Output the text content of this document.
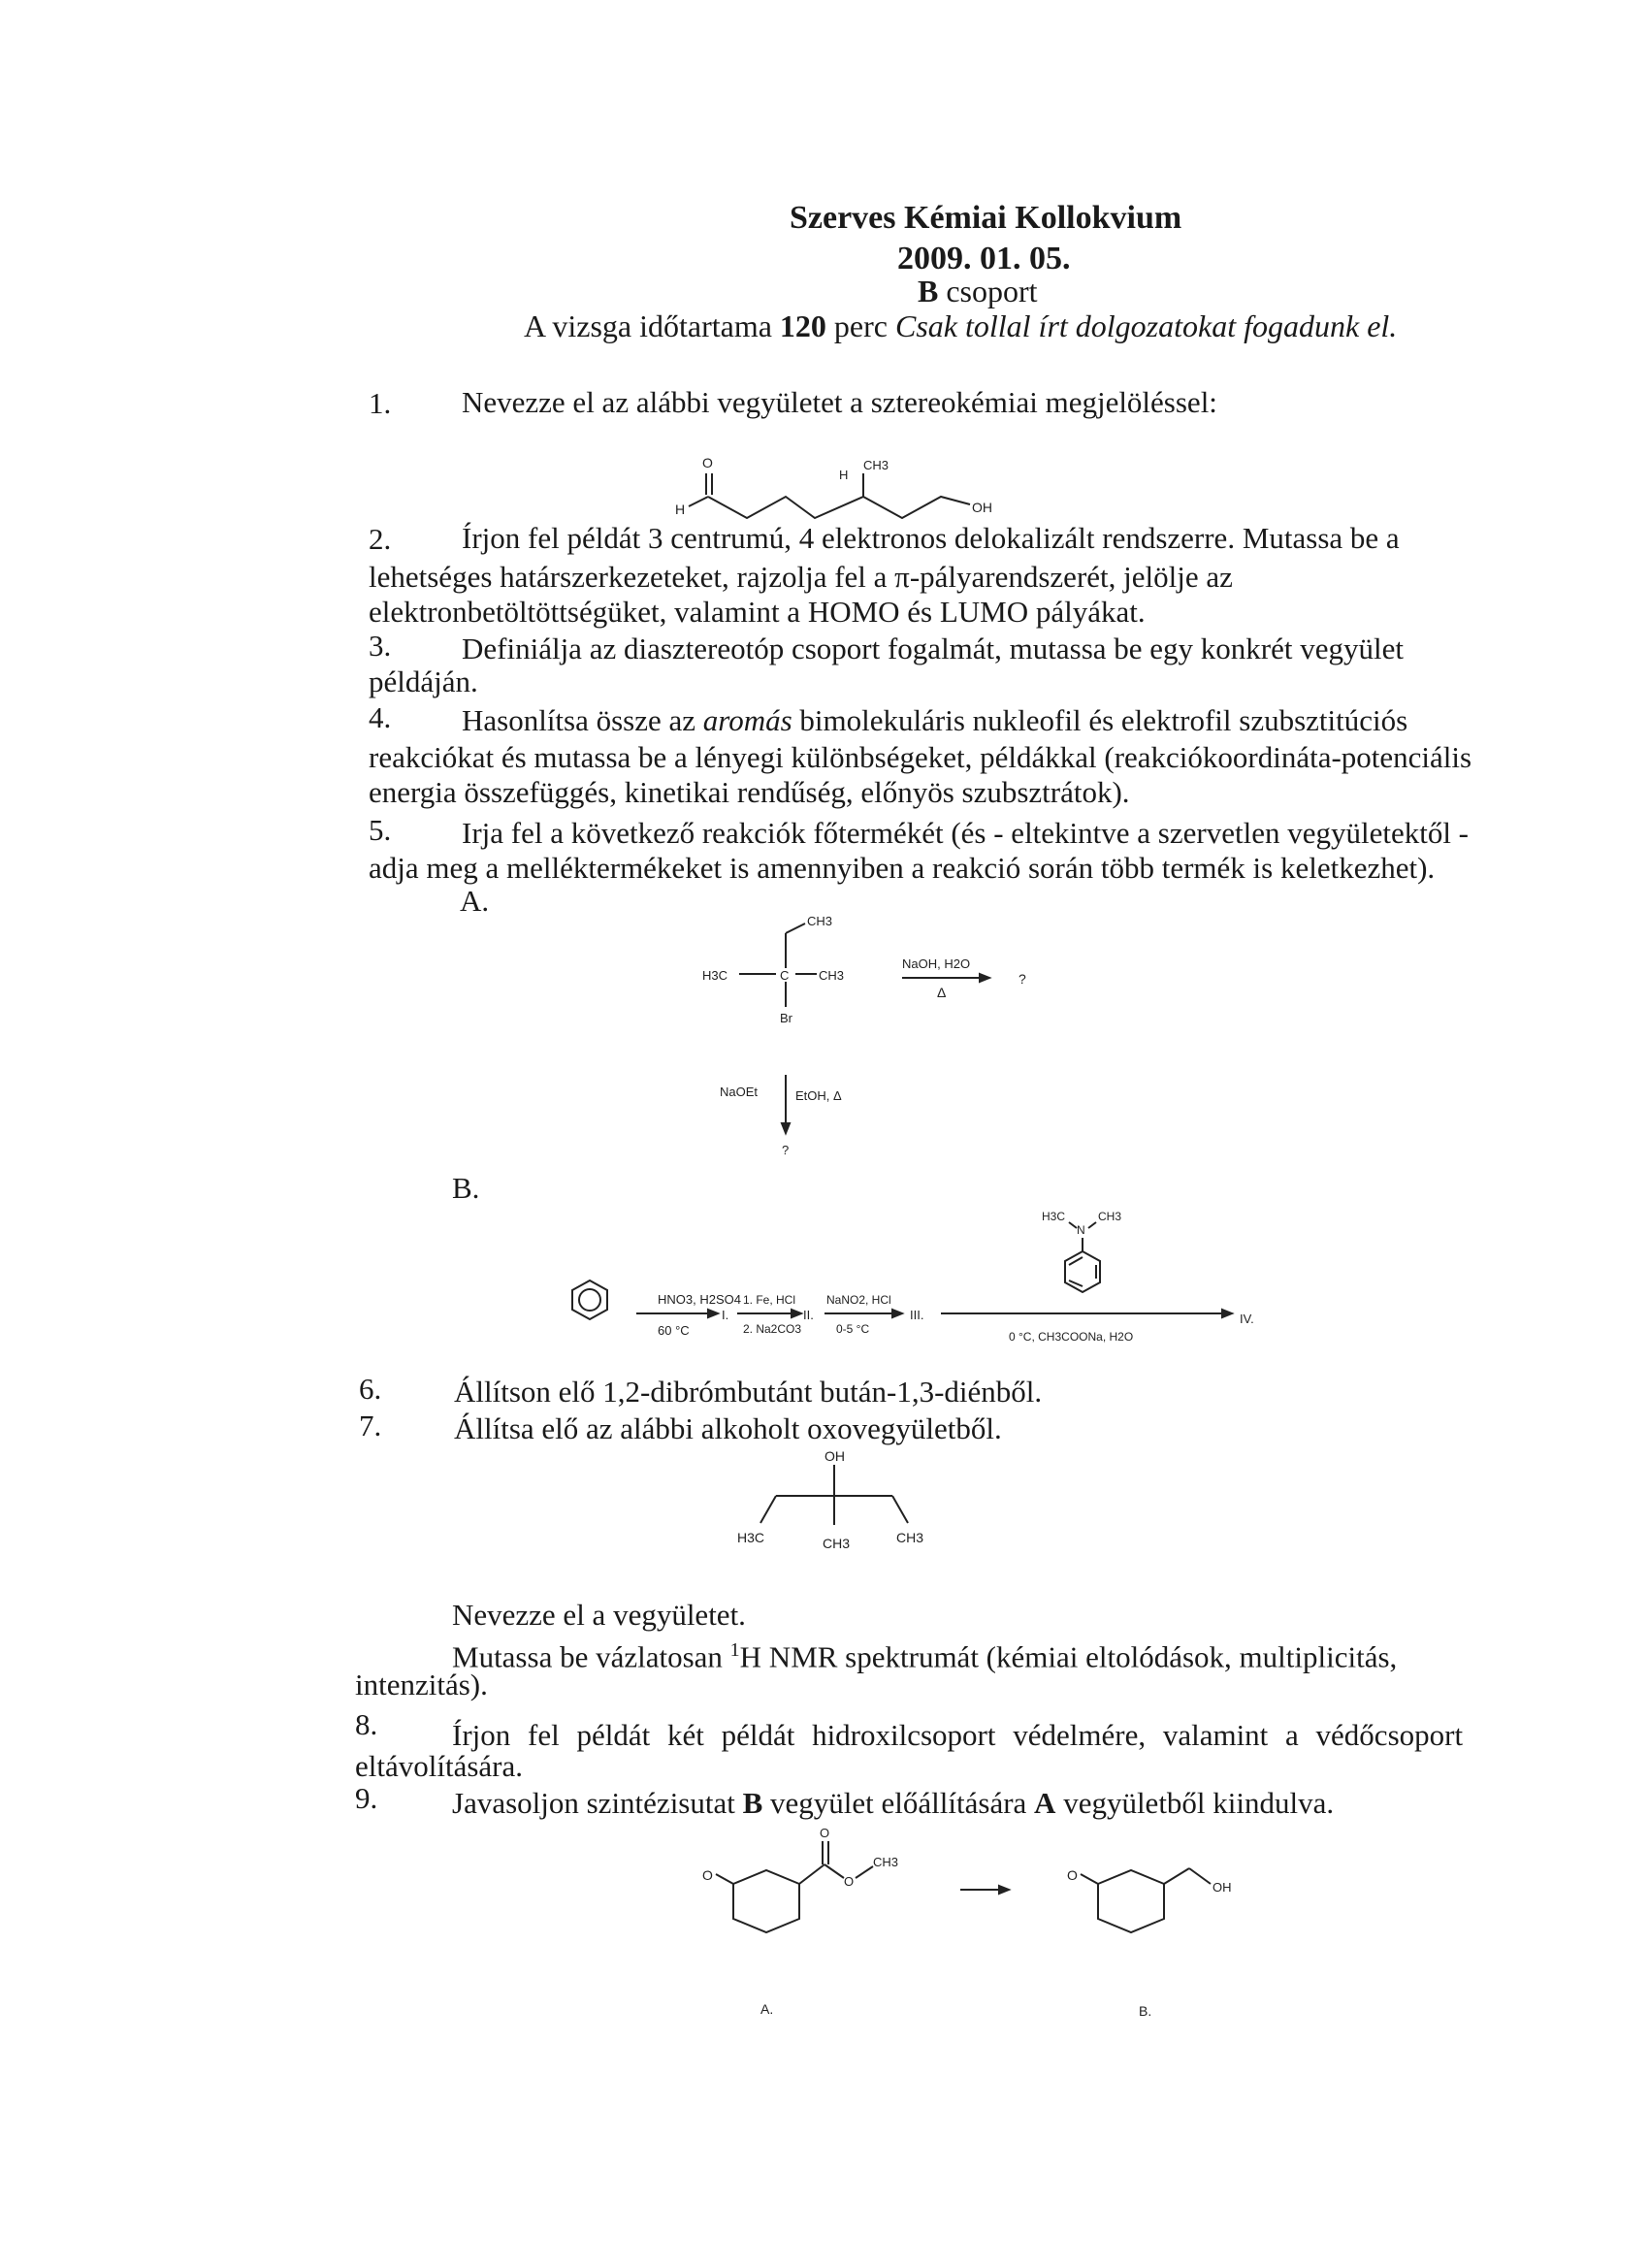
Szerves Kémiai Kollokvium
2009. 01. 05.
B csoport
A vizsga időtartama 120 perc Csak tollal írt dolgozatokat fogadunk el.
1. Nevezze el az alábbi vegyületet a sztereokémiai megjelöléssel:
O
H
H
CH3
OH
2. Írjon fel példát 3 centrumú, 4 elektronos delokalizált rendszerre. Mutassa be a
lehetséges határszerkezeteket, rajzolja fel a π-pályarendszerét, jelölje az
elektronbetöltöttségüket, valamint a HOMO és LUMO pályákat.
3. Definiálja az diasztereotóp csoport fogalmát, mutassa be egy konkrét vegyület
példáján.
4. Hasonlítsa össze az aromás bimolekuláris nukleofil és elektrofil szubsztitúciós
reakciókat és mutassa be a lényegi különbségeket, példákkal (reakciókoordináta-potenciális
energia összefüggés, kinetikai rendűség, előnyös szubsztrátok).
5. Irja fel a következő reakciók főtermékét (és - eltekintve a szervetlen vegyületektől -
adja meg a melléktermékeket is amennyiben a reakció során több termék is keletkezhet).
A.
CH3
H3C	C CH3
Br
NaOH, H2O
Δ
?
NaOEt	EtOH, Δ
?
B.
HNO3, H2SO4
60 °C
I.
1. Fe, HCl
2. Na2CO3
II.
NaNO2, HCl
0-5 °C
III.
H3C
N
CH3
0 °C, CH3COONa, H2O
IV.
6. Állítson elő 1,2-dibrómbutánt bután-1,3-diénből.
7. Állítsa elő az alábbi alkoholt oxovegyületből.
OH
H3C	CH3	CH3
Nevezze el a vegyületet.
Mutassa be vázlatosan $^1$H NMR spektrumát (kémiai eltolódások, multiplicitás,
intenzitás).
8. Írjon fel példát két példát hidroxilcsoport védelmére, valamint a védőcsoport
eltávolítására.
9. Javasoljon szintézisutat B vegyület előállítására A vegyületből kiindulva.
O
O
O
CH3
A.
O
OH
B.
